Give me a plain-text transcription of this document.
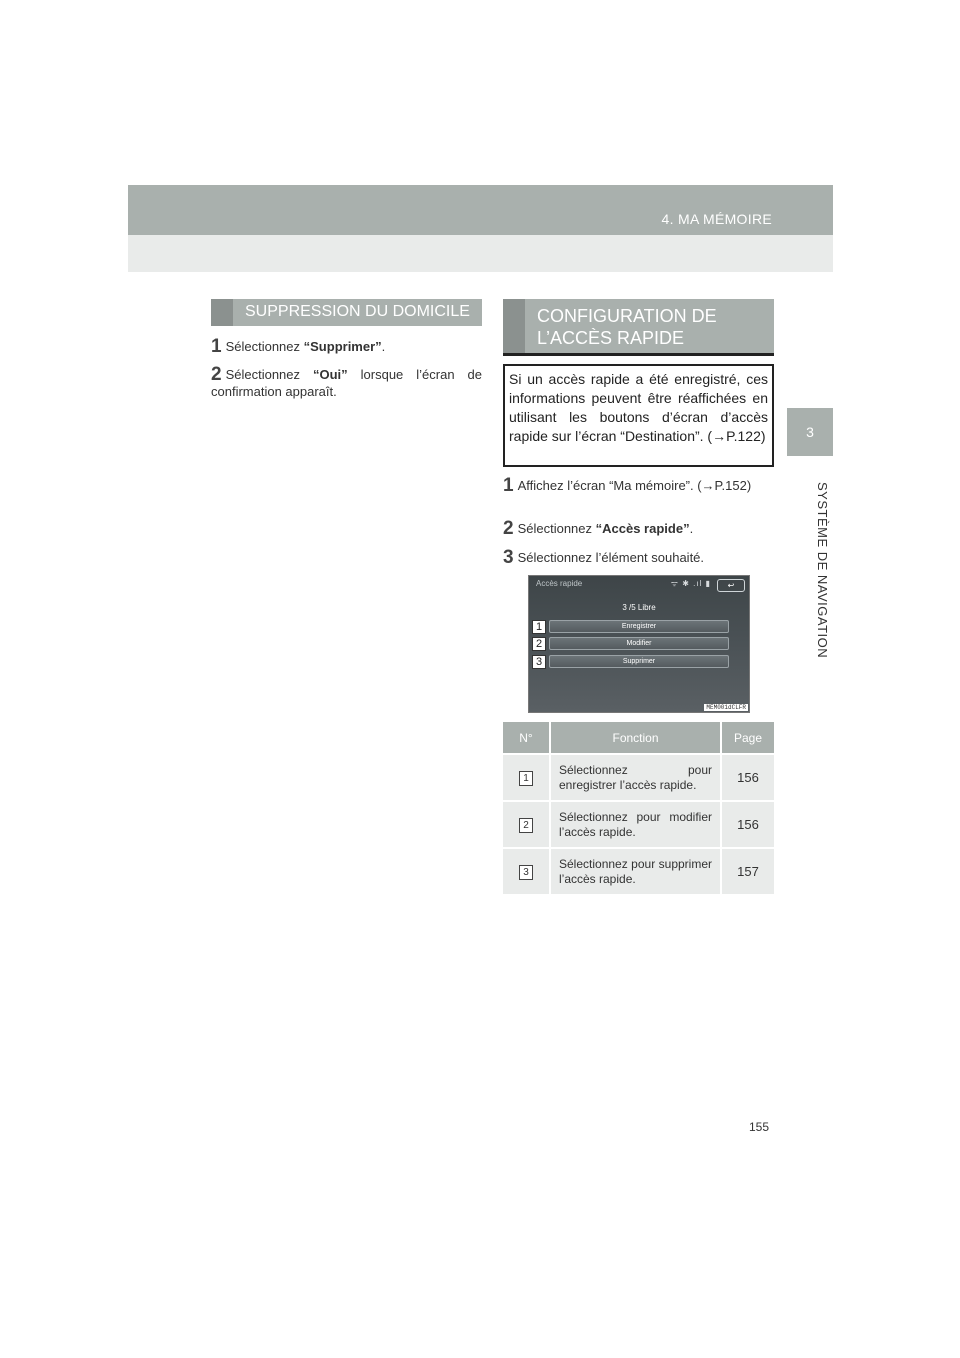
4. MA MÉMOIRE
3
SYSTÈME DE NAVIGATION
SUPPRESSION DU DOMICILE
1 Sélectionnez “Supprimer”.
2 Sélectionnez “Oui” lorsque l’écran de confirmation apparaît.
CONFIGURATION DE L’ACCÈS RAPIDE
Si un accès rapide a été enregistré, ces informations peuvent être réaffichées en utilisant les boutons d’écran d’accès rapide sur l’écran “Destination”. (→P.122)
1 Affichez l’écran “Ma mémoire”. (→P.152)
2 Sélectionnez “Accès rapide”.
3 Sélectionnez l’élément souhaité.
Accès rapide	ᯤ ✱ .ıl ▮	↩
3 /5 Libre
Enregistrer
Modifier
Supprimer
MEM001dCLFR
1
2
3
N°	Fonction	Page
1	Sélectionnez pour enregistrer l’accès rapide.	156
2	Sélectionnez pour modifier l’accès rapide.	156
3	Sélectionnez pour supprimer l’accès rapide.	157
155
